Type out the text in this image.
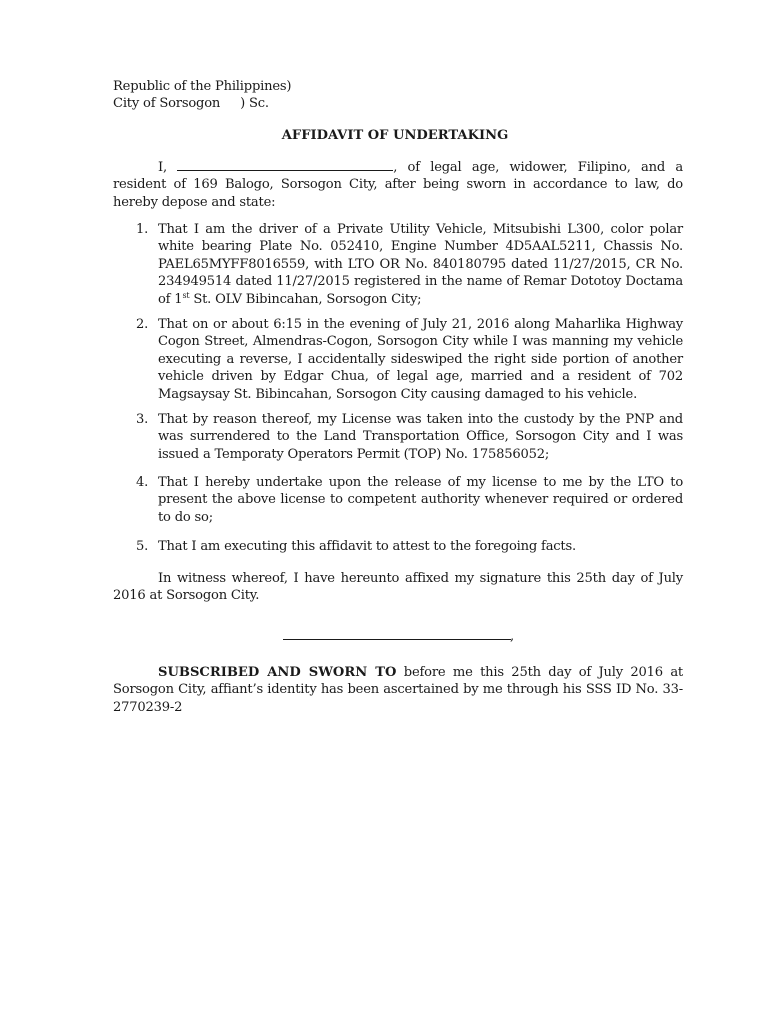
Republic of the Philippines)
City of Sorsogon ) Sc.
AFFIDAVIT OF UNDERTAKING
I,	, of legal age, widower, Filipino, and a resident of 169 Balogo, Sorsogon City, after being sworn in accordance to law, do hereby depose and state:
1. That I am the driver of a Private Utility Vehicle, Mitsubishi L300, color polar white bearing Plate No. 052410, Engine Number 4D5AAL5211, Chassis No. PAEL65MYFF8016559, with LTO OR No. 840180795 dated 11/27/2015, CR No. 234949514 dated 11/27/2015 registered in the name of Remar Dototoy Doctama of 1st St. OLV Bibincahan, Sorsogon City;
2. That on or about 6:15 in the evening of July 21, 2016 along Maharlika Highway Cogon Street, Almendras-Cogon, Sorsogon City while I was manning my vehicle executing a reverse, I accidentally sideswiped the right side portion of another vehicle driven by Edgar Chua, of legal age, married and a resident of 702 Magsaysay St. Bibincahan, Sorsogon City causing damaged to his vehicle.
3. That by reason thereof, my License was taken into the custody by the PNP and was surrendered to the Land Transportation Office, Sorsogon City and I was issued a Temporaty Operators Permit (TOP) No. 175856052;
4. That I hereby undertake upon the release of my license to me by the LTO to present the above license to competent authority whenever required or ordered to do so;
5. That I am executing this affidavit to attest to the foregoing facts.
In witness whereof, I have hereunto affixed my signature this 25th day of July 2016 at Sorsogon City.
,
SUBSCRIBED AND SWORN TO before me this 25th day of July 2016 at Sorsogon City, affiant’s identity has been ascertained by me through his SSS ID No. 33-2770239-2
